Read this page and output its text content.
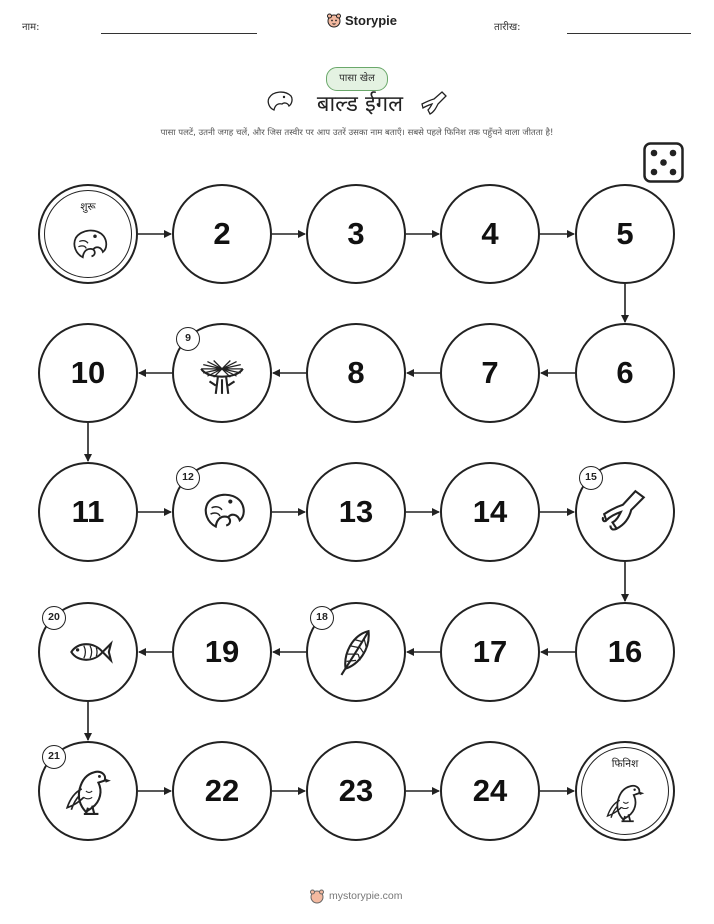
नाम:	Storypie	तारीख:
पासा खेल
बाल्ड ईगल
पासा पलटें, उतनी जगह चलें, और जिस तस्वीर पर आप उतरें उसका नाम बताएँ। सबसे पहले फिनिश तक पहुँचने वाला जीतता है!
शुरू
2	3	4	5
6
7
8
9
10
11
12
13	14
15
16
17
18
19
20
21
22	23	24
फिनिश
mystorypie.com
